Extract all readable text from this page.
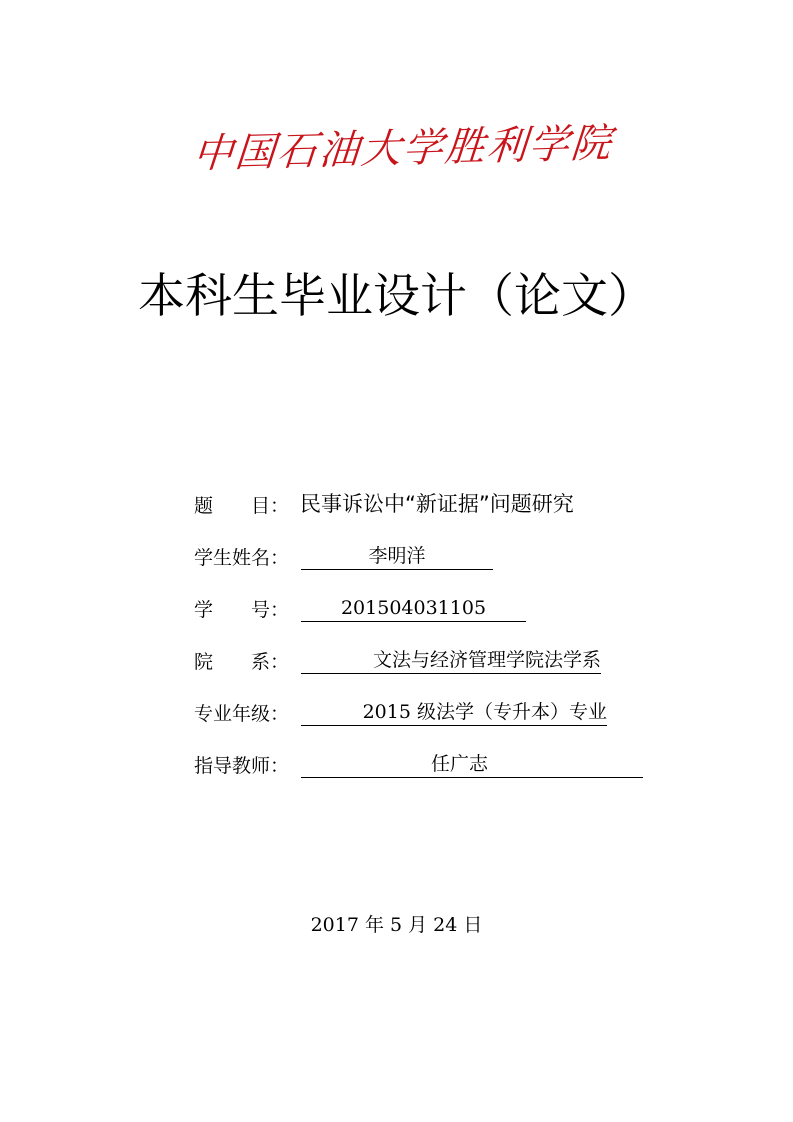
中国石油大学胜利学院
本科生毕业设计（论文）
题　　目： 民事诉讼中“新证据”问题研究
学生姓名：	李明洋
学　　号：	201504031105
院　　系：	文法与经济管理学院法学系
专业年级：	2015 级法学（专升本）专业
指导教师：	任广志
2017 年 5 月 24 日
